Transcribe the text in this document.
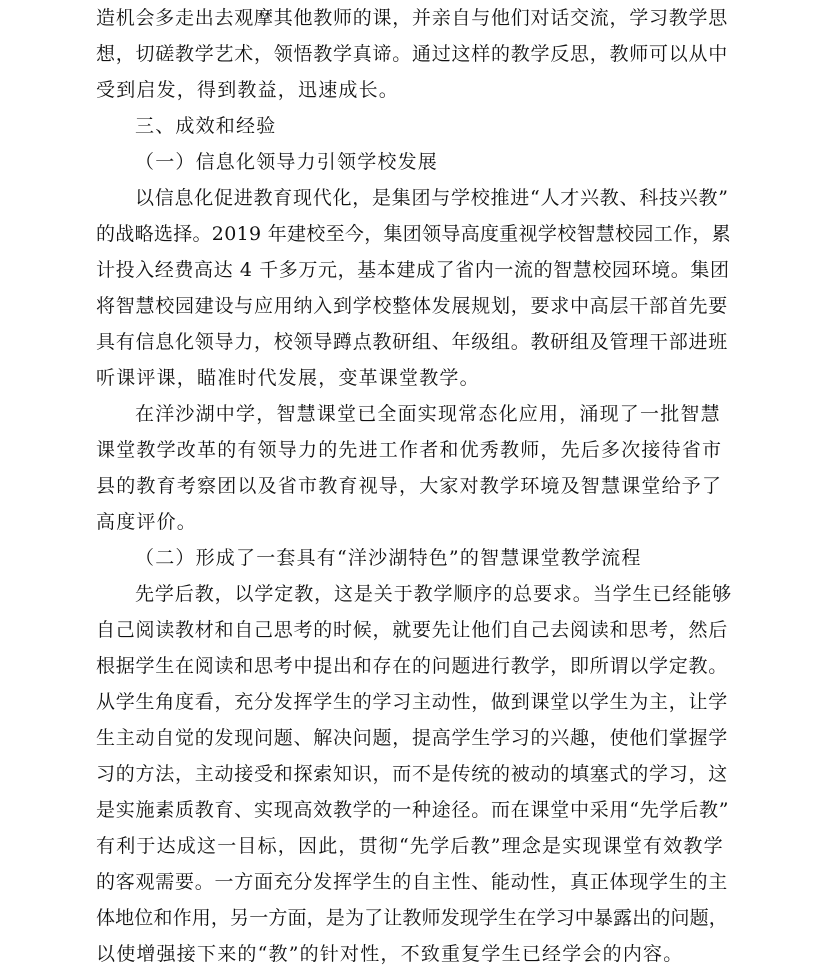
造机会多走出去观摩其他教师的课，并亲自与他们对话交流，学习教学思
想，切磋教学艺术，领悟教学真谛。通过这样的教学反思，教师可以从中
受到启发，得到教益，迅速成长。
三、成效和经验
（一）信息化领导力引领学校发展
以信息化促进教育现代化，是集团与学校推进“人才兴教、科技兴教”
的战略选择。2019 年建校至今，集团领导高度重视学校智慧校园工作，累
计投入经费高达 4 千多万元，基本建成了省内一流的智慧校园环境。集团
将智慧校园建设与应用纳入到学校整体发展规划，要求中高层干部首先要
具有信息化领导力，校领导蹲点教研组、年级组。教研组及管理干部进班
听课评课，瞄准时代发展，变革课堂教学。
在洋沙湖中学，智慧课堂已全面实现常态化应用，涌现了一批智慧
课堂教学改革的有领导力的先进工作者和优秀教师，先后多次接待省市
县的教育考察团以及省市教育视导，大家对教学环境及智慧课堂给予了
高度评价。
（二）形成了一套具有“洋沙湖特色”的智慧课堂教学流程
先学后教，以学定教，这是关于教学顺序的总要求。当学生已经能够
自己阅读教材和自己思考的时候，就要先让他们自己去阅读和思考，然后
根据学生在阅读和思考中提出和存在的问题进行教学，即所谓以学定教。
从学生角度看，充分发挥学生的学习主动性，做到课堂以学生为主，让学
生主动自觉的发现问题、解决问题，提高学生学习的兴趣，使他们掌握学
习的方法，主动接受和探索知识，而不是传统的被动的填塞式的学习，这
是实施素质教育、实现高效教学的一种途径。而在课堂中采用“先学后教”
有利于达成这一目标，因此，贯彻“先学后教”理念是实现课堂有效教学
的客观需要。一方面充分发挥学生的自主性、能动性，真正体现学生的主
体地位和作用，另一方面，是为了让教师发现学生在学习中暴露出的问题，
以使增强接下来的“教”的针对性，不致重复学生已经学会的内容。
